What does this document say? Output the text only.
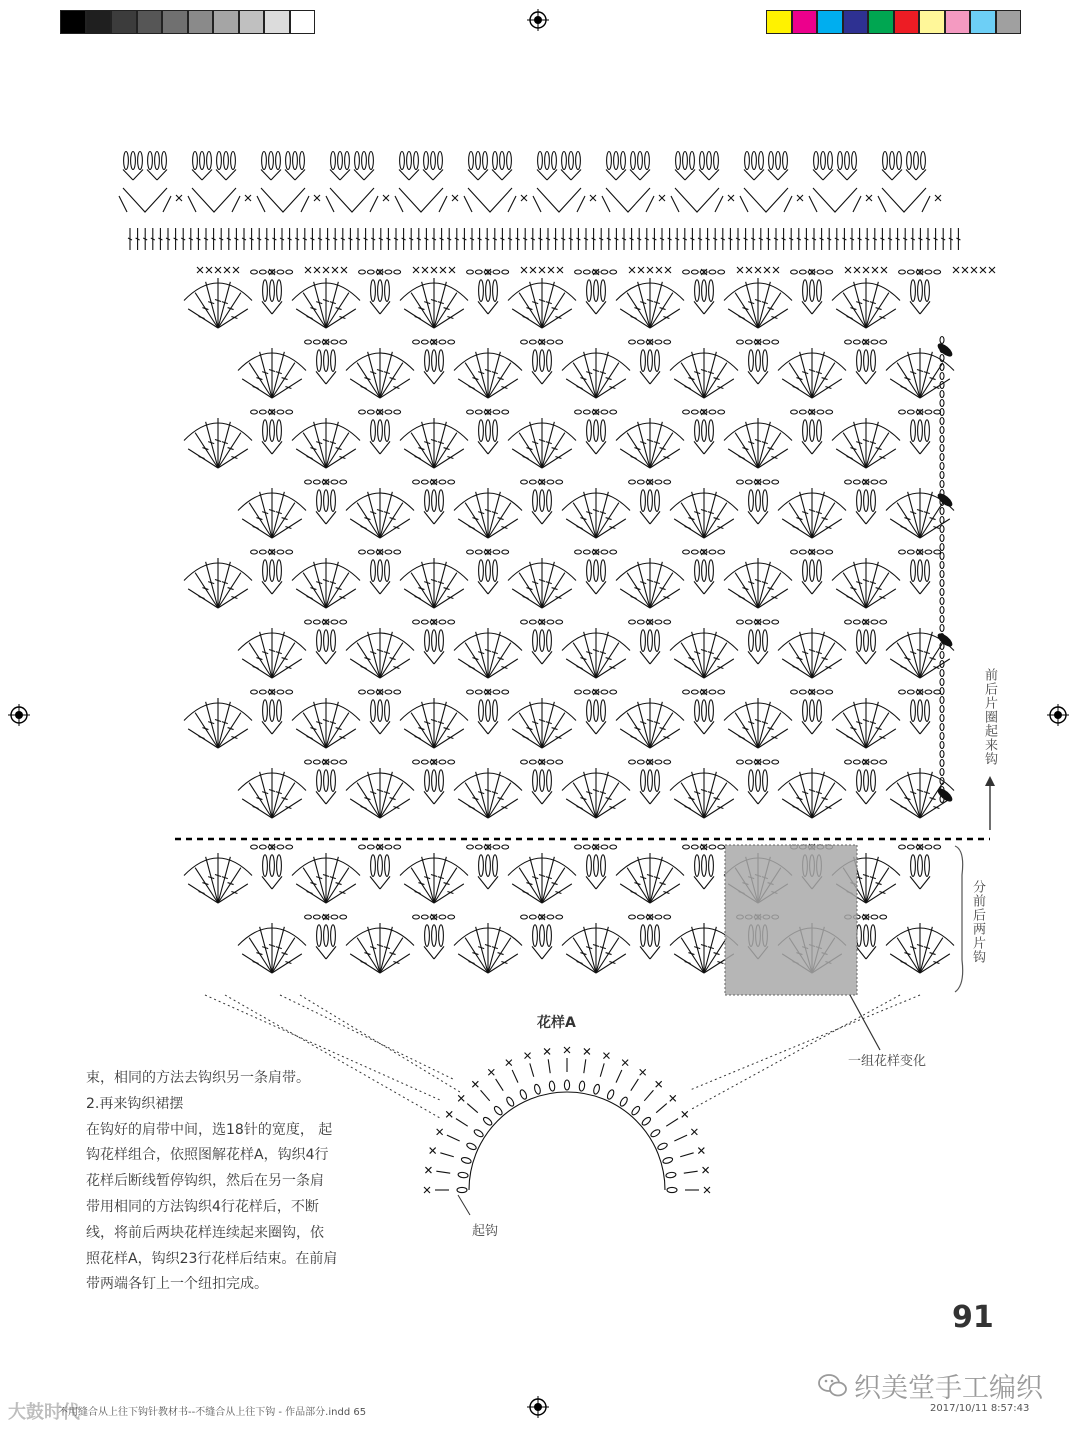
前后片圈起来钩
分前后两片钩
花样A
一组花样变化
起钩

束，相同的方法去钩织另一条肩带。

2.再来钩织裙摆

在钩好的肩带中间，选18针的宽度， 起

钩花样组合，依照图解花样A，钩织4行

花样后断线暂停钩织，然后在另一条肩

带用相同的方法钩织4行花样后，不断

线，将前后两块花样连续起来圈钩，依

照花样A，钩织23行花样后结束。在前肩

带两端各钉上一个纽扣完成。

91
织美堂手工编织
大鼓时代
不用缝合从上往下钩针教材书--不缝合从上往下钩 - 作品部分.indd 65	2017/10/11 8:57:43
